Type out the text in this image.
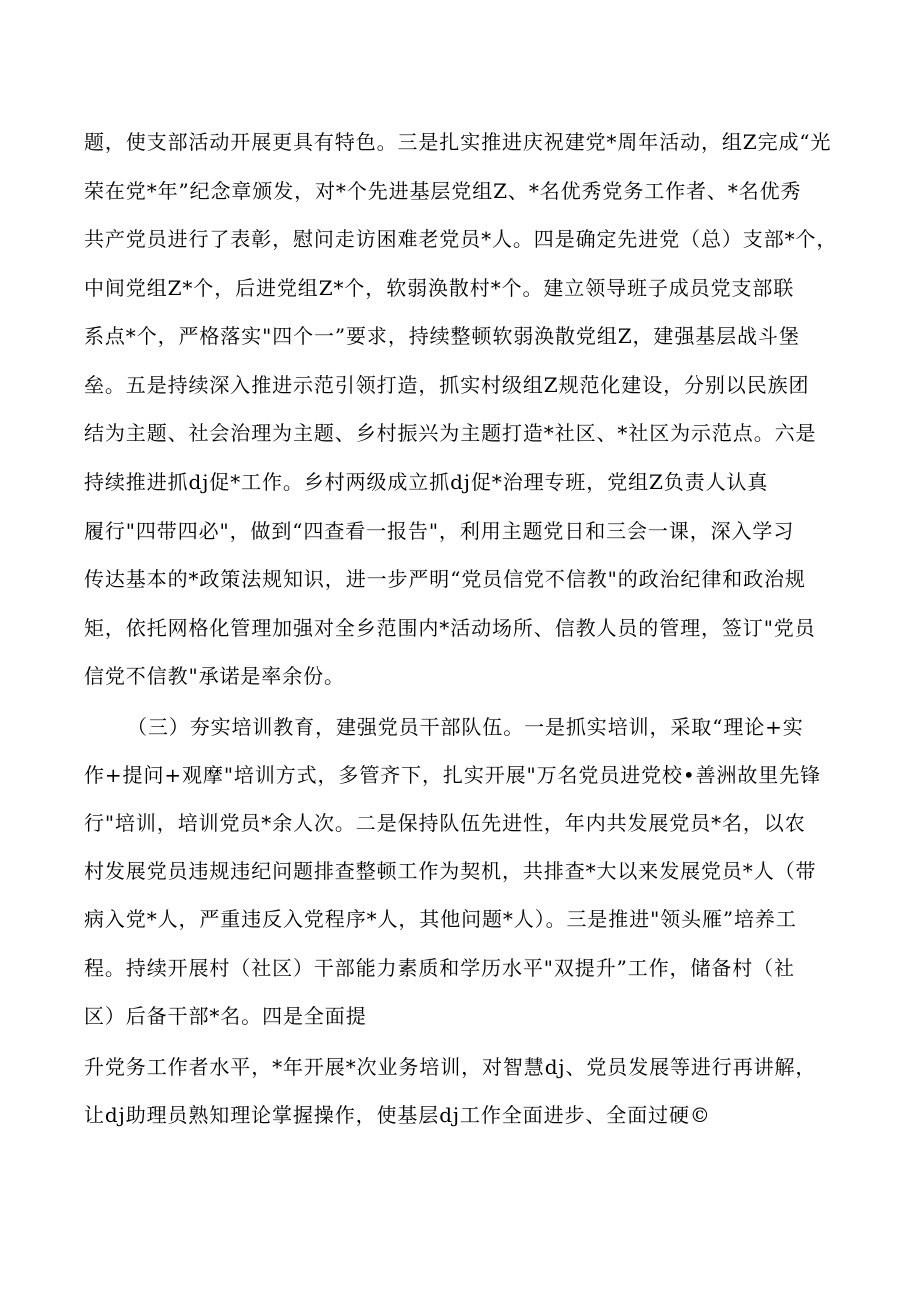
题，使支部活动开展更具有特色。三是扎实推进庆祝建党*周年活动，组Z完成“光
荣在党*年”纪念章颁发，对*个先进基层党组Z、*名优秀党务工作者、*名优秀
共产党员进行了表彰，慰问走访困难老党员*人。四是确定先进党（总）支部*个，
中间党组Z*个，后进党组Z*个，软弱涣散村*个。建立领导班子成员党支部联
系点*个，严格落实"四个一”要求，持续整顿软弱涣散党组Z，建强基层战斗堡
垒。五是持续深入推进示范引领打造，抓实村级组Z规范化建设，分别以民族团
结为主题、社会治理为主题、乡村振兴为主题打造*社区、*社区为示范点。六是
持续推进抓dj促*工作。乡村两级成立抓dj促*治理专班，党组Z负责人认真
履行"四带四必"，做到“四查看一报告"，利用主题党日和三会一课，深入学习
传达基本的*政策法规知识，进一步严明“党员信党不信教"的政治纪律和政治规
矩，依托网格化管理加强对全乡范围内*活动场所、信教人员的管理，签订"党员
信党不信教"承诺是率余份。
（三）夯实培训教育，建强党员干部队伍。一是抓实培训，采取“理论+实
作+提问+观摩"培训方式，多管齐下，扎实开展"万名党员进党校•善洲故里先锋
行"培训，培训党员*余人次。二是保持队伍先进性，年内共发展党员*名，以农
村发展党员违规违纪问题排查整顿工作为契机，共排查*大以来发展党员*人（带
病入党*人，严重违反入党程序*人，其他问题*人）。三是推进"领头雁”培养工
程。持续开展村（社区）干部能力素质和学历水平"双提升”工作，储备村（社
区）后备干部*名。四是全面提
升党务工作者水平，*年开展*次业务培训，对智慧dj、党员发展等进行再讲解，
让dj助理员熟知理论掌握操作，使基层dj工作全面进步、全面过硬©
